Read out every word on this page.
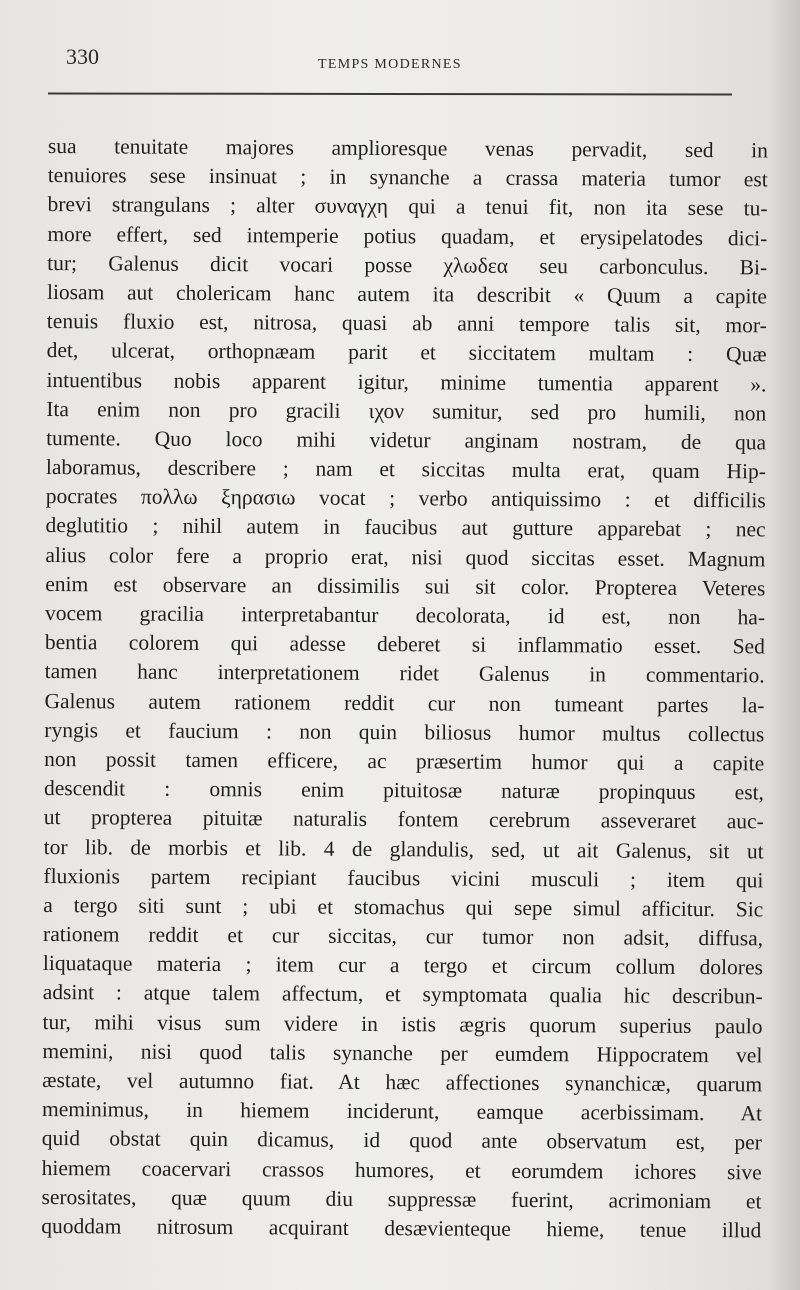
330	TEMPS MODERNES
sua tenuitate majores amplioresque venas pervadit, sed in
tenuiores sese insinuat ; in synanche a crassa materia tumor est
brevi strangulans ; alter συναγχη qui a tenui fit, non ita sese tu-
more effert, sed intemperie potius quadam, et erysipelatodes dici-
tur; Galenus dicit vocari posse χλωδεα seu carbonculus. Bi-
liosam aut cholericam hanc autem ita describit « Quum a capite
tenuis fluxio est, nitrosa, quasi ab anni tempore talis sit, mor-
det, ulcerat, orthopnæam parit et siccitatem multam : Quæ
intuentibus nobis apparent igitur, minime tumentia apparent ».
Ita enim non pro gracili ιχον sumitur, sed pro humili, non
tumente. Quo loco mihi videtur anginam nostram, de qua
laboramus, describere ; nam et siccitas multa erat, quam Hip-
pocrates πολλω ξηρασιω vocat ; verbo antiquissimo : et difficilis
deglutitio ; nihil autem in faucibus aut gutture apparebat ; nec
alius color fere a proprio erat, nisi quod siccitas esset. Magnum
enim est observare an dissimilis sui sit color. Propterea Veteres
vocem gracilia interpretabantur decolorata, id est, non ha-
bentia colorem qui adesse deberet si inflammatio esset. Sed
tamen hanc interpretationem ridet Galenus in commentario.
Galenus autem rationem reddit cur non tumeant partes la-
ryngis et faucium : non quin biliosus humor multus collectus
non possit tamen efficere, ac præsertim humor qui a capite
descendit : omnis enim pituitosæ naturæ propinquus est,
ut propterea pituitæ naturalis fontem cerebrum asseveraret auc-
tor lib. de morbis et lib. 4 de glandulis, sed, ut ait Galenus, sit ut
fluxionis partem recipiant faucibus vicini musculi ; item qui
a tergo siti sunt ; ubi et stomachus qui sepe simul afficitur. Sic
rationem reddit et cur siccitas, cur tumor non adsit, diffusa,
liquataque materia ; item cur a tergo et circum collum dolores
adsint : atque talem affectum, et symptomata qualia hic describun-
tur, mihi visus sum videre in istis ægris quorum superius paulo
memini, nisi quod talis synanche per eumdem Hippocratem vel
æstate, vel autumno fiat. At hæc affectiones synanchicæ, quarum
meminimus, in hiemem inciderunt, eamque acerbissimam. At
quid obstat quin dicamus, id quod ante observatum est, per
hiemem coacervari crassos humores, et eorumdem ichores sive
serositates, quæ quum diu suppressæ fuerint, acrimoniam et
quoddam nitrosum acquirant desævienteque hieme, tenue illud
